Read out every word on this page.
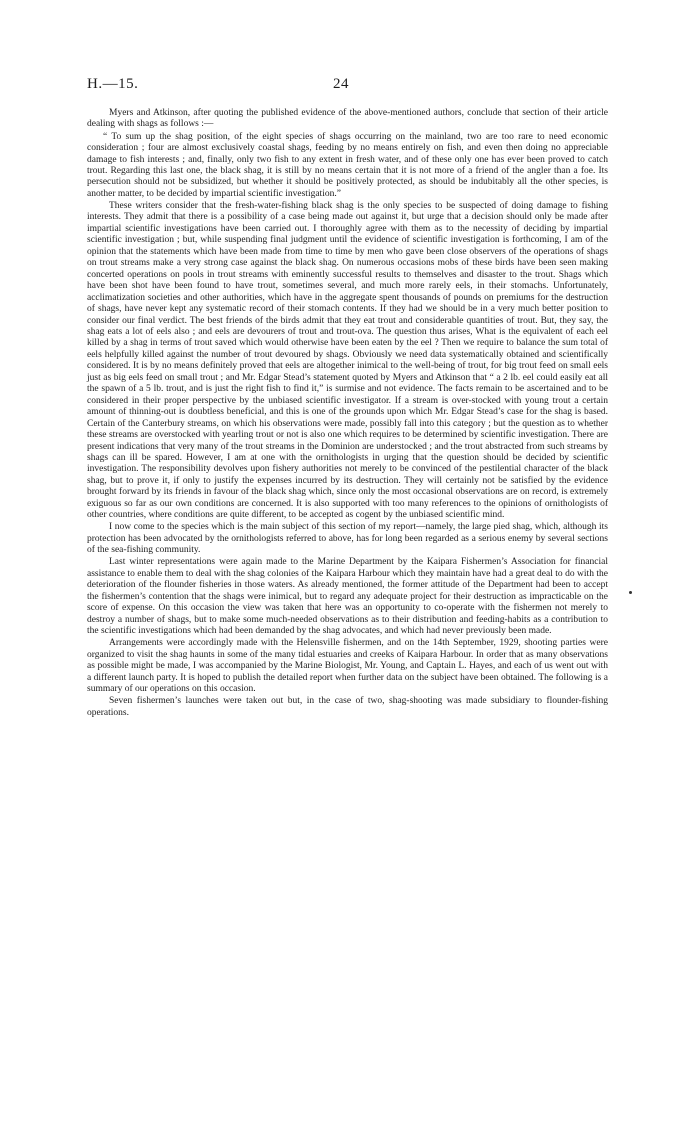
H.—15.	24

Myers and Atkinson, after quoting the published evidence of the above-mentioned authors, conclude that section of their article dealing with shags as follows :—

“ To sum up the shag position, of the eight species of shags occurring on the mainland, two are too rare to need economic consideration ; four are almost exclusively coastal shags, feeding by no means entirely on fish, and even then doing no appreciable damage to fish interests ; and, finally, only two fish to any extent in fresh water, and of these only one has ever been proved to catch trout. Regarding this last one, the black shag, it is still by no means certain that it is not more of a friend of the angler than a foe. Its persecution should not be subsidized, but whether it should be positively protected, as should be indubitably all the other species, is another matter, to be decided by impartial scientific investigation.”

These writers consider that the fresh-water-fishing black shag is the only species to be suspected of doing damage to fishing interests. They admit that there is a possibility of a case being made out against it, but urge that a decision should only be made after impartial scientific investigations have been carried out. I thoroughly agree with them as to the necessity of deciding by impartial scientific investigation ; but, while suspending final judgment until the evidence of scientific investigation is forthcoming, I am of the opinion that the statements which have been made from time to time by men who gave been close observers of the operations of shags on trout streams make a very strong case against the black shag. On numerous occasions mobs of these birds have been seen making concerted operations on pools in trout streams with eminently successful results to themselves and disaster to the trout. Shags which have been shot have been found to have trout, sometimes several, and much more rarely eels, in their stomachs. Unfortunately, acclimatization societies and other authorities, which have in the aggregate spent thousands of pounds on premiums for the destruction of shags, have never kept any systematic record of their stomach contents. If they had we should be in a very much better position to consider our final verdict. The best friends of the birds admit that they eat trout and considerable quantities of trout. But, they say, the shag eats a lot of eels also ; and eels are devourers of trout and trout-ova. The question thus arises, What is the equivalent of each eel killed by a shag in terms of trout saved which would otherwise have been eaten by the eel ? Then we require to balance the sum total of eels helpfully killed against the number of trout devoured by shags. Obviously we need data systematically obtained and scientifically considered. It is by no means definitely proved that eels are altogether inimical to the well-being of trout, for big trout feed on small eels just as big eels feed on small trout ; and Mr. Edgar Stead’s statement quoted by Myers and Atkinson that “ a 2 lb. eel could easily eat all the spawn of a 5 lb. trout, and is just the right fish to find it,” is surmise and not evidence. The facts remain to be ascertained and to be considered in their proper perspective by the unbiased scientific investigator. If a stream is over-stocked with young trout a certain amount of thinning-out is doubtless beneficial, and this is one of the grounds upon which Mr. Edgar Stead’s case for the shag is based. Certain of the Canterbury streams, on which his observations were made, possibly fall into this category ; but the question as to whether these streams are overstocked with yearling trout or not is also one which requires to be determined by scientific investigation. There are present indications that very many of the trout streams in the Dominion are understocked ; and the trout abstracted from such streams by shags can ill be spared. However, I am at one with the ornithologists in urging that the question should be decided by scientific investigation. The responsibility devolves upon fishery authorities not merely to be convinced of the pestilential character of the black shag, but to prove it, if only to justify the expenses incurred by its destruction. They will certainly not be satisfied by the evidence brought forward by its friends in favour of the black shag which, since only the most occasional observations are on record, is extremely exiguous so far as our own conditions are concerned. It is also supported with too many references to the opinions of ornithologists of other countries, where conditions are quite different, to be accepted as cogent by the unbiased scientific mind.

I now come to the species which is the main subject of this section of my report—namely, the large pied shag, which, although its protection has been advocated by the ornithologists referred to above, has for long been regarded as a serious enemy by several sections of the sea-fishing community.

Last winter representations were again made to the Marine Department by the Kaipara Fishermen’s Association for financial assistance to enable them to deal with the shag colonies of the Kaipara Harbour which they maintain have had a great deal to do with the deterioration of the flounder fisheries in those waters. As already mentioned, the former attitude of the Department had been to accept the fishermen’s contention that the shags were inimical, but to regard any adequate project for their destruction as impracticable on the score of expense. On this occasion the view was taken that here was an opportunity to co-operate with the fishermen not merely to destroy a number of shags, but to make some much-needed observations as to their distribution and feeding-habits as a contribution to the scientific investigations which had been demanded by the shag advocates, and which had never previously been made.

Arrangements were accordingly made with the Helensville fishermen, and on the 14th September, 1929, shooting parties were organized to visit the shag haunts in some of the many tidal estuaries and creeks of Kaipara Harbour. In order that as many observations as possible might be made, I was accompanied by the Marine Biologist, Mr. Young, and Captain L. Hayes, and each of us went out with a different launch party. It is hoped to publish the detailed report when further data on the subject have been obtained. The following is a summary of our operations on this occasion.

Seven fishermen’s launches were taken out but, in the case of two, shag-shooting was made subsidiary to flounder-fishing operations.
